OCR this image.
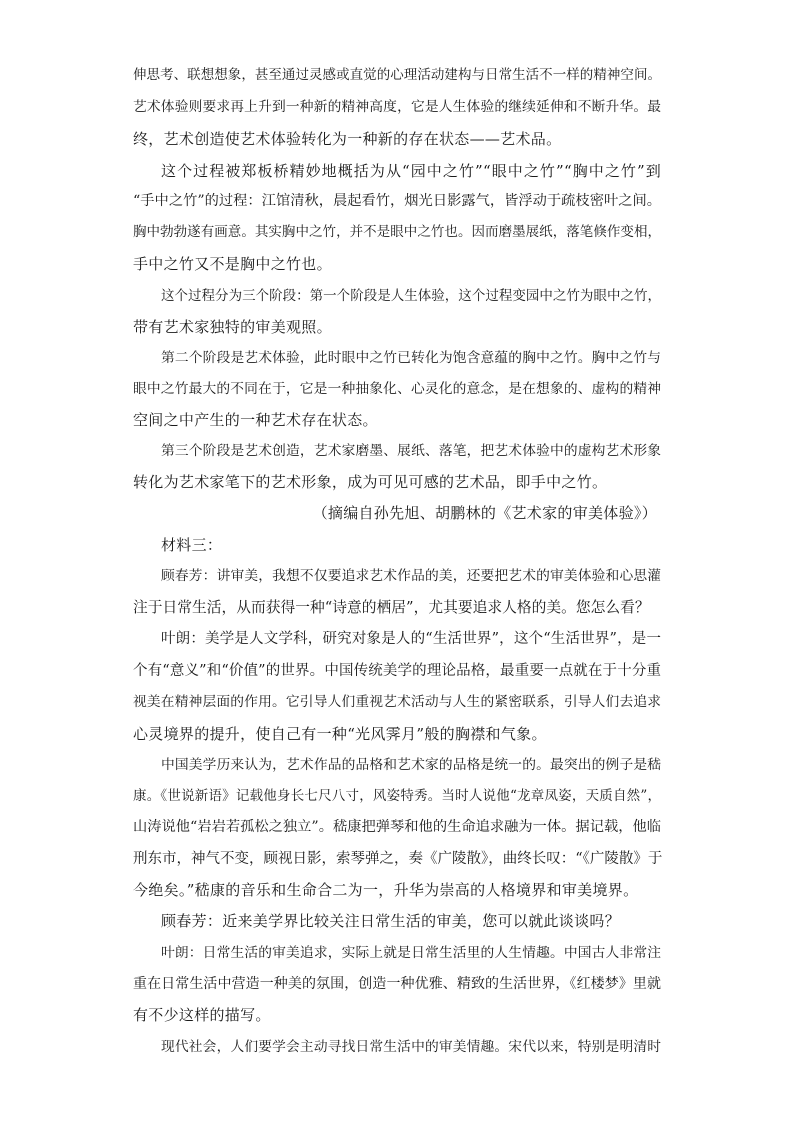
伸思考、联想想象，甚至通过灵感或直觉的心理活动建构与日常生活不一样的精神空间。
艺术体验则要求再上升到一种新的精神高度，它是人生体验的继续延伸和不断升华。最
终，艺术创造使艺术体验转化为一种新的存在状态——艺术品。
这个过程被郑板桥精妙地概括为从“园中之竹”“眼中之竹”“胸中之竹”到
“手中之竹”的过程：江馆清秋，晨起看竹，烟光日影露气，皆浮动于疏枝密叶之间。
胸中勃勃遂有画意。其实胸中之竹，并不是眼中之竹也。因而磨墨展纸，落笔倏作变相，
手中之竹又不是胸中之竹也。
这个过程分为三个阶段：第一个阶段是人生体验，这个过程变园中之竹为眼中之竹，
带有艺术家独特的审美观照。
第二个阶段是艺术体验，此时眼中之竹已转化为饱含意蕴的胸中之竹。胸中之竹与
眼中之竹最大的不同在于，它是一种抽象化、心灵化的意念，是在想象的、虚构的精神
空间之中产生的一种艺术存在状态。
第三个阶段是艺术创造，艺术家磨墨、展纸、落笔，把艺术体验中的虚构艺术形象
转化为艺术家笔下的艺术形象，成为可见可感的艺术品，即手中之竹。
（摘编自孙先旭、胡鹏林的《艺术家的审美体验》）
材料三：
顾春芳：讲审美，我想不仅要追求艺术作品的美，还要把艺术的审美体验和心思灌
注于日常生活，从而获得一种“诗意的栖居”，尤其要追求人格的美。您怎么看？
叶朗：美学是人文学科，研究对象是人的“生活世界”，这个“生活世界”，是一
个有“意义”和“价值”的世界。中国传统美学的理论品格，最重要一点就在于十分重
视美在精神层面的作用。它引导人们重视艺术活动与人生的紧密联系，引导人们去追求
心灵境界的提升，使自己有一种“光风霁月”般的胸襟和气象。
中国美学历来认为，艺术作品的品格和艺术家的品格是统一的。最突出的例子是嵇
康。《世说新语》记载他身长七尺八寸，风姿特秀。当时人说他“龙章凤姿，天质自然”，
山涛说他“岩岩若孤松之独立”。嵇康把弹琴和他的生命追求融为一体。据记载，他临
刑东市，神气不变，顾视日影，索琴弹之，奏《广陵散》，曲终长叹：“《广陵散》于
今绝矣。”嵇康的音乐和生命合二为一，升华为崇高的人格境界和审美境界。
顾春芳：近来美学界比较关注日常生活的审美，您可以就此谈谈吗？
叶朗：日常生活的审美追求，实际上就是日常生活里的人生情趣。中国古人非常注
重在日常生活中营造一种美的氛围，创造一种优雅、精致的生活世界，《红楼梦》里就
有不少这样的描写。
现代社会，人们要学会主动寻找日常生活中的审美情趣。宋代以来，特别是明清时
